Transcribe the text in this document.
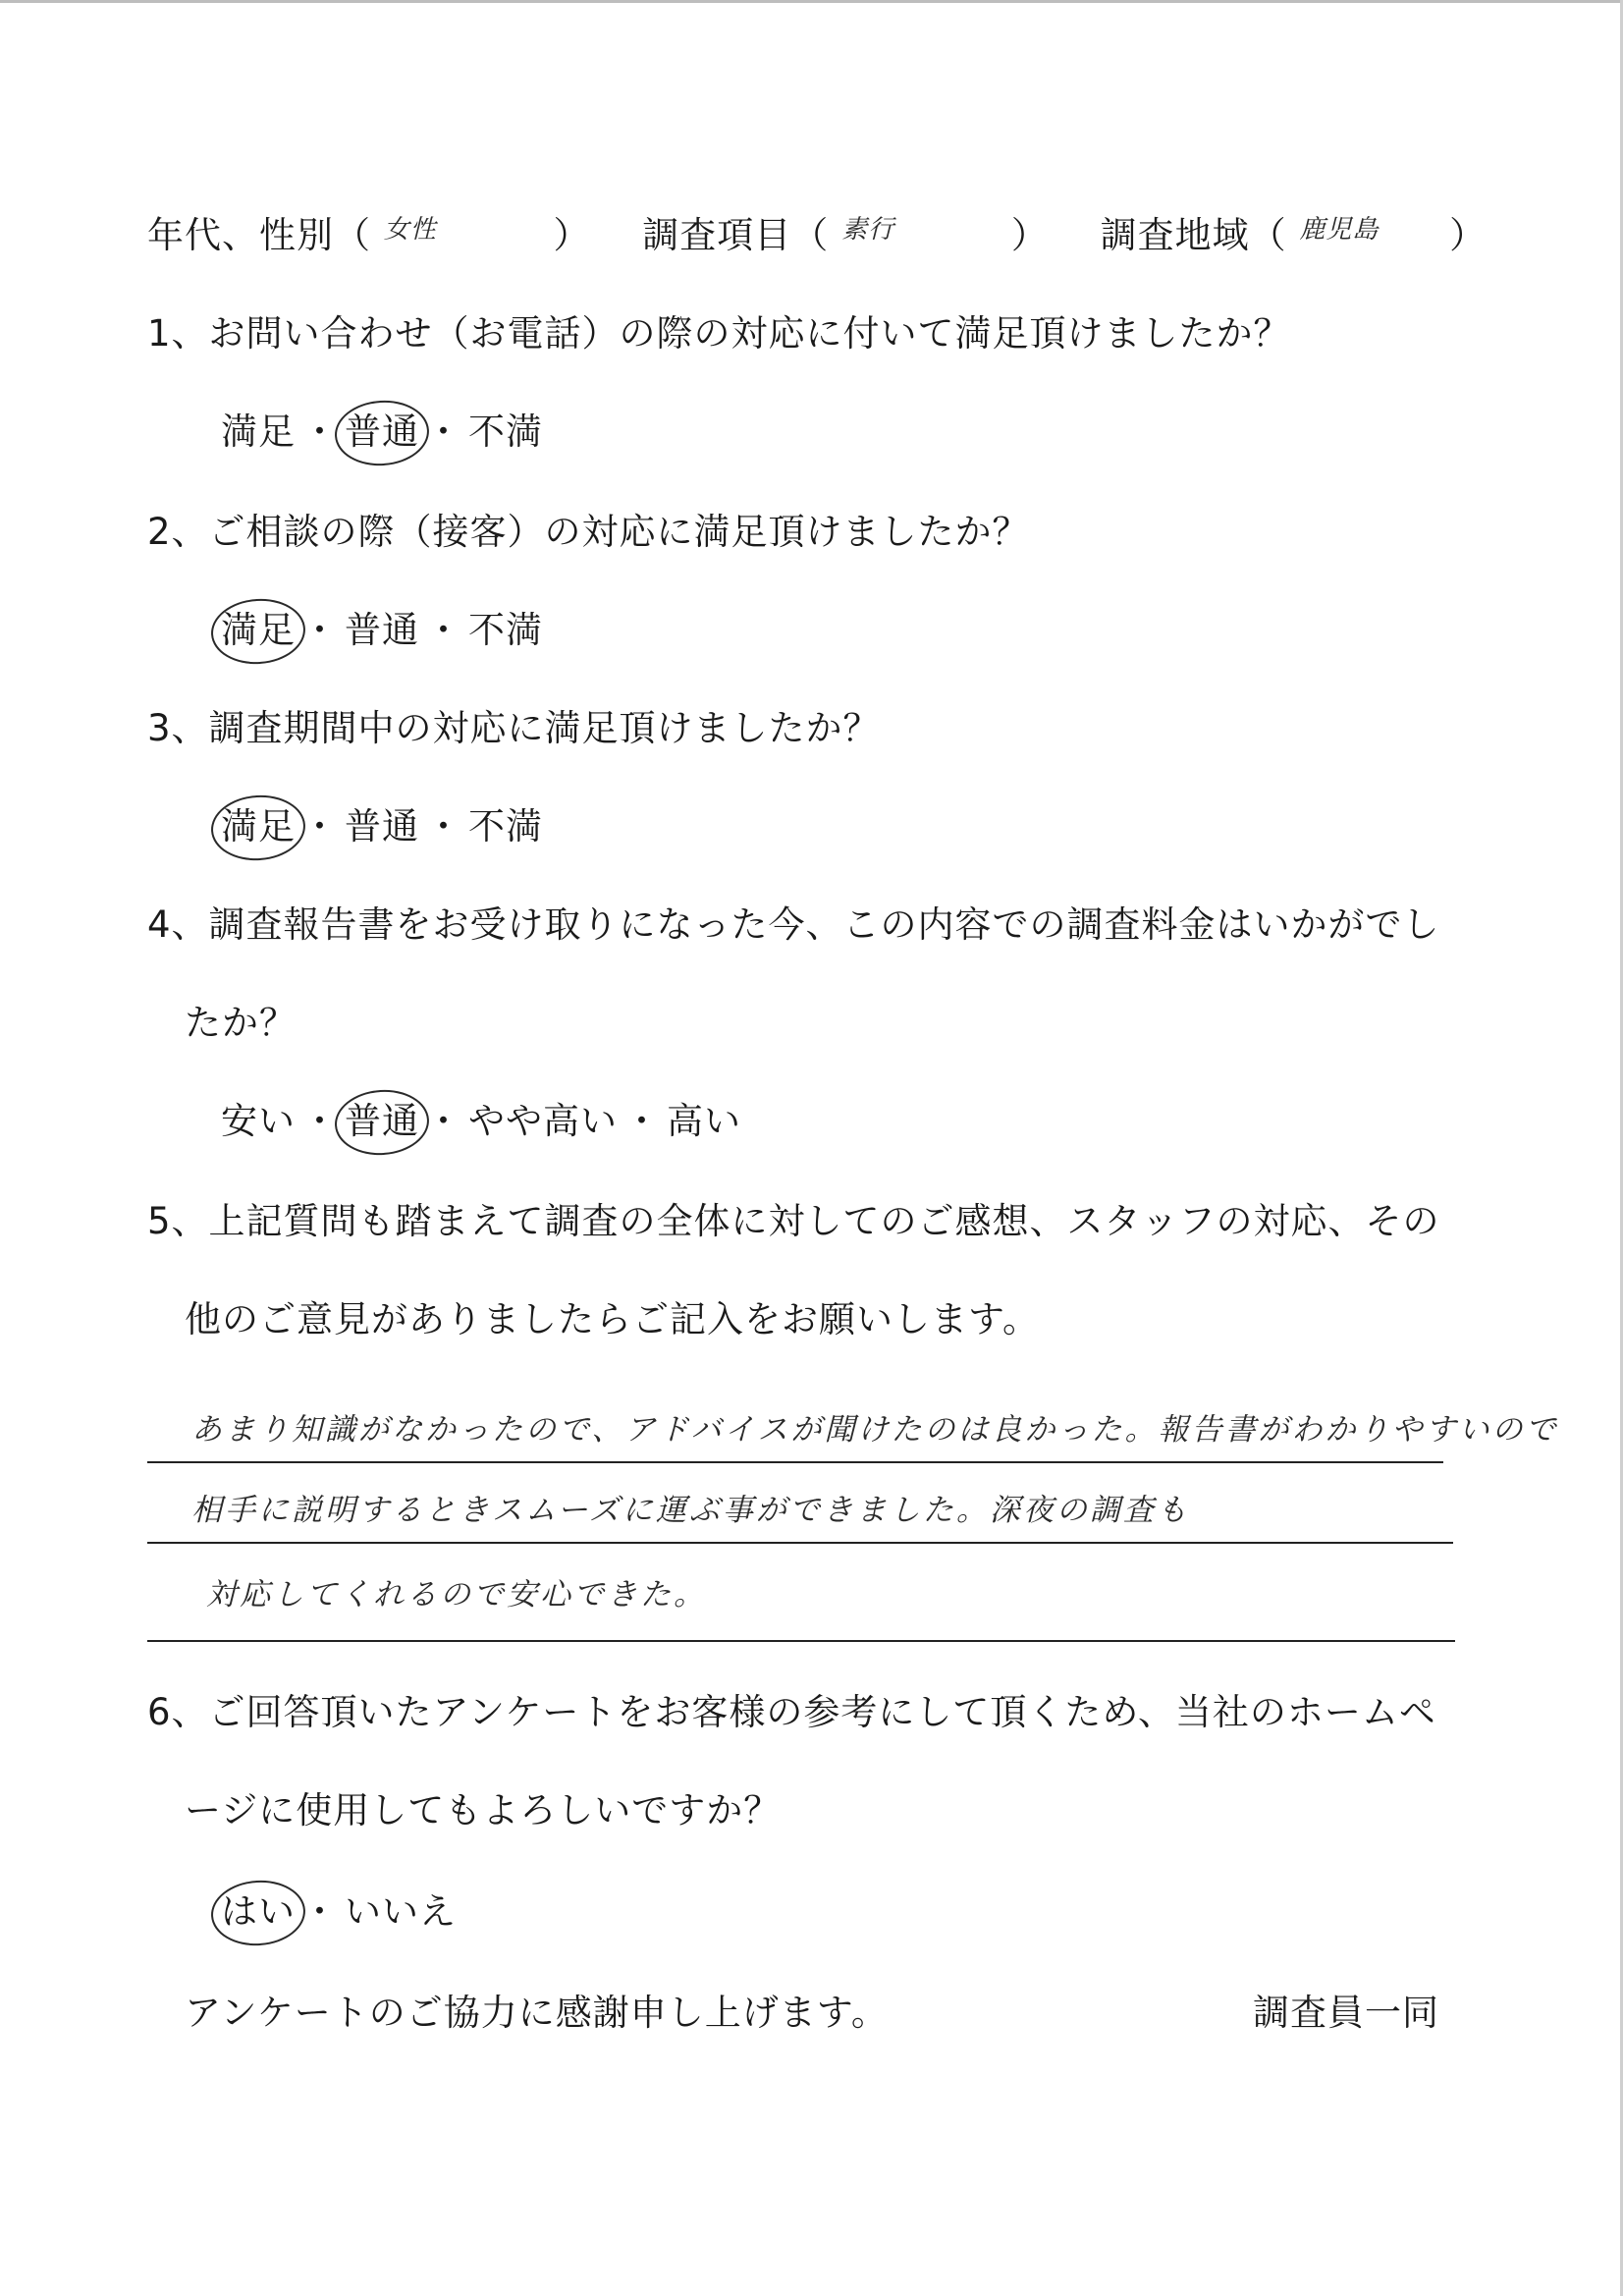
年代、性別（ 女性	） 調査項目（ 素行	） 調査地域（ 鹿児島 ）
1、お問い合わせ（お電話）の際の対応に付いて満足頂けましたか？
満足 ・ 普通 ・ 不満
2、ご相談の際（接客）の対応に満足頂けましたか？
満足 ・ 普通 ・ 不満
3、調査期間中の対応に満足頂けましたか？
満足 ・ 普通 ・ 不満
4、調査報告書をお受け取りになった今、この内容での調査料金はいかがでし
たか？
安い ・ 普通 ・ やや高い ・ 高い
5、上記質問も踏まえて調査の全体に対してのご感想、スタッフの対応、その
他のご意見がありましたらご記入をお願いします。
あまり知識がなかったので、アドバイスが聞けたのは良かった。報告書がわかりやすいので
相手に説明するときスムーズに運ぶ事ができました。深夜の調査も
対応してくれるので安心できた。
6、ご回答頂いたアンケートをお客様の参考にして頂くため、当社のホームペ
ージに使用してもよろしいですか？
はい ・ いいえ
アンケートのご協力に感謝申し上げます。	調査員一同
